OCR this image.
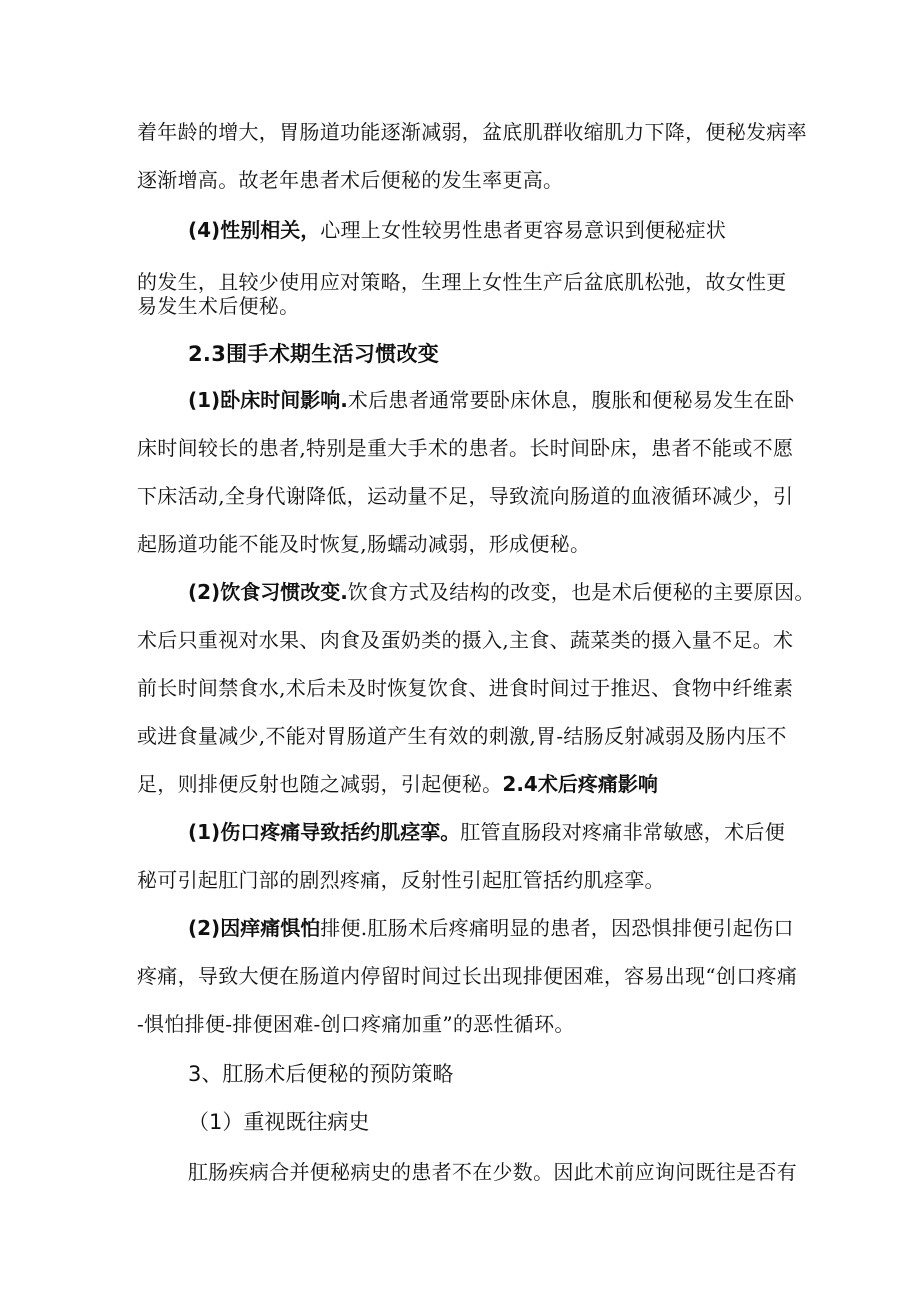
着年龄的增大，胃肠道功能逐渐减弱，盆底肌群收缩肌力下降，便秘发病率
逐渐增高。故老年患者术后便秘的发生率更高。
(4)性别相关，心理上女性较男性患者更容易意识到便秘症状
的发生，且较少使用应对策略，生理上女性生产后盆底肌松弛，故女性更
易发生术后便秘。
2.3围手术期生活习惯改变
(1)卧床时间影响.术后患者通常要卧床休息，腹胀和便秘易发生在卧
床时间较长的患者,特别是重大手术的患者。长时间卧床，患者不能或不愿
下床活动,全身代谢降低，运动量不足，导致流向肠道的血液循环减少，引
起肠道功能不能及时恢复,肠蠕动减弱，形成便秘。
(2)饮食习惯改变.饮食方式及结构的改变，也是术后便秘的主要原因。
术后只重视对水果、肉食及蛋奶类的摄入,主食、蔬菜类的摄入量不足。术
前长时间禁食水,术后未及时恢复饮食、进食时间过于推迟、食物中纤维素
或进食量减少,不能对胃肠道产生有效的刺激,胃-结肠反射减弱及肠内压不
足，则排便反射也随之减弱，引起便秘。2.4术后疼痛影响
(1)伤口疼痛导致括约肌痉挛。肛管直肠段对疼痛非常敏感，术后便
秘可引起肛门部的剧烈疼痛，反射性引起肛管括约肌痉挛。
(2)因痒痛惧怕排便.肛肠术后疼痛明显的患者，因恐惧排便引起伤口
疼痛，导致大便在肠道内停留时间过长出现排便困难，容易出现“创口疼痛
-惧怕排便-排便困难-创口疼痛加重”的恶性循环。
3、肛肠术后便秘的预防策略
（1）重视既往病史
肛肠疾病合并便秘病史的患者不在少数。因此术前应询问既往是否有
